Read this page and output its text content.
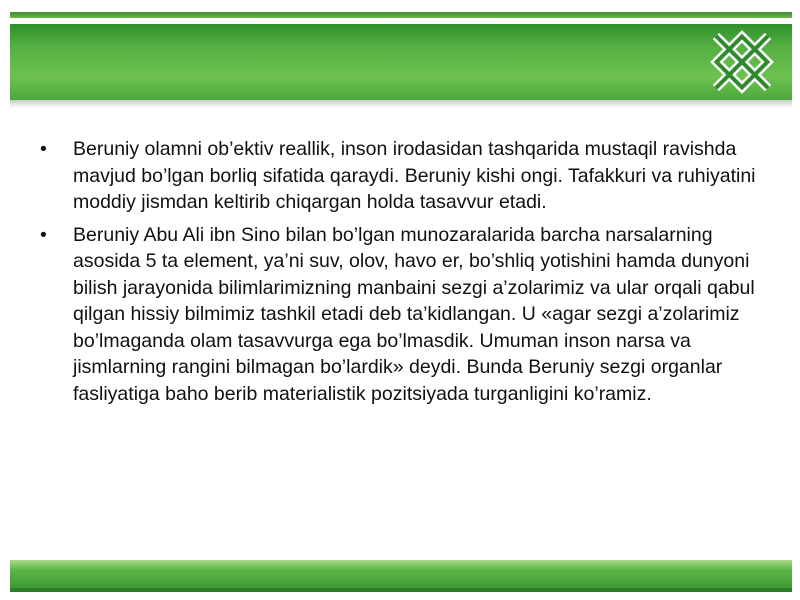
• Beruniy olamni ob’ektiv reallik, inson irodasidan tashqarida mustaqil ravishda mavjud bo’lgan borliq sifatida qaraydi. Beruniy kishi ongi. Tafakkuri va ruhiyatini moddiy jismdan keltirib chiqargan holda tasavvur etadi.
• Beruniy Abu Ali ibn Sino bilan bo’lgan munozaralarida barcha narsalarning asosida 5 ta element, ya’ni suv, olov, havo er, bo’shliq yotishini hamda dunyoni bilish jarayonida bilimlarimizning manbaini sezgi a’zolarimiz va ular orqali qabul qilgan hissiy bilmimiz tashkil etadi deb ta’kidlangan. U «agar sezgi a’zolarimiz bo’lmaganda olam tasavvurga ega bo’lmasdik. Umuman inson narsa va jismlarning rangini bilmagan bo’lardik» deydi. Bunda Beruniy sezgi organlar fasliyatiga baho berib materialistik pozitsiyada turganligini ko’ramiz.
